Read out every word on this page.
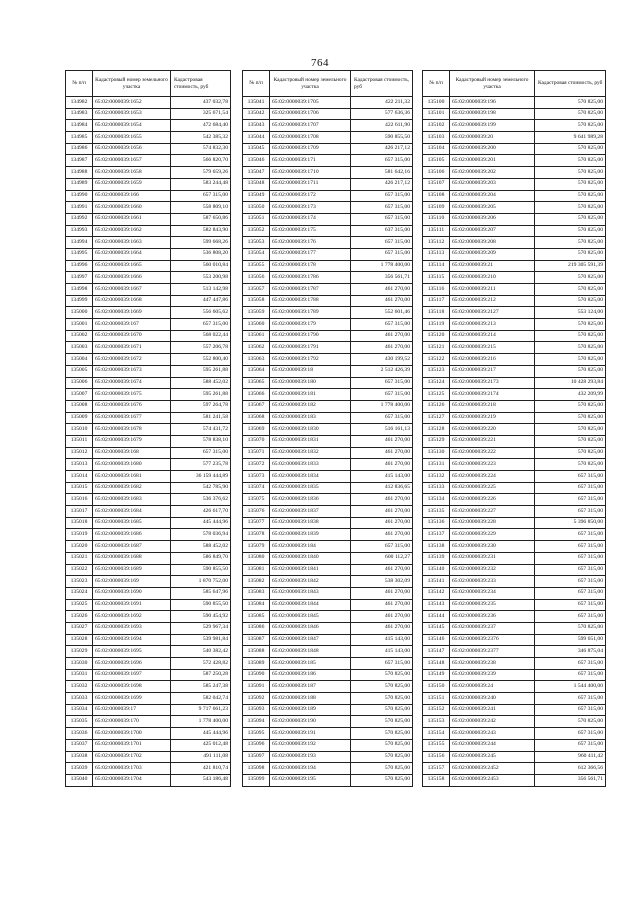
764
№ п/п	Кадастровый номер земельного участка	Кадастровая стоимость, руб
134982	65:02:0000039:1652	437 032,78
134983	65:02:0000039:1653	325 671,54
134984	65:02:0000039:1654	472 684,40
134985	65:02:0000039:1655	542 385,32
134986	65:02:0000039:1656	574 832,30
134987	65:02:0000039:1657	566 820,70
134988	65:02:0000039:1658	579 659,26
134989	65:02:0000039:1659	583 244,48
134990	65:02:0000039:166	657 315,00
134991	65:02:0000039:1660	558 809,10
134992	65:02:0000039:1661	587 650,86
134993	65:02:0000039:1662	582 843,90
134994	65:02:0000039:1663	599 668,26
134995	65:02:0000039:1664	536 808,20
134996	65:02:0000039:1665	560 010,84
134997	65:02:0000039:1666	553 200,98
134998	65:02:0000039:1667	513 142,98
134999	65:02:0000039:1668	447 447,86
135000	65:02:0000039:1669	556 605,62
135001	65:02:0000039:167	657 315,00
135002	65:02:0000039:1670	568 022,44
135003	65:02:0000039:1671	557 206,78
135004	65:02:0000039:1672	552 800,40
135005	65:02:0000039:1673	595 261,88
135006	65:02:0000039:1674	588 452,02
135007	65:02:0000039:1675	595 261,88
135008	65:02:0000039:1676	597 264,78
135009	65:02:0000039:1677	581 241,58
135010	65:02:0000039:1678	574 431,72
135011	65:02:0000039:1679	578 838,10
135012	65:02:0000039:168	657 315,00
135013	65:02:0000039:1680	577 235,78
135014	65:02:0000039:1681	36 159 444,89
135015	65:02:0000039:1682	542 785,90
135016	65:02:0000039:1683	536 376,62
135017	65:02:0000039:1684	426 617,70
135018	65:02:0000039:1685	445 444,96
135019	65:02:0000039:1686	578 036,94
135020	65:02:0000039:1687	588 452,02
135021	65:02:0000039:1688	586 849,70
135022	65:02:0000039:1689	590 855,50
135023	65:02:0000039:169	1 870 752,00
135024	65:02:0000039:1690	585 647,96
135025	65:02:0000039:1691	590 855,50
135026	65:02:0000039:1692	590 454,92
135027	65:02:0000039:1693	529 967,34
135028	65:02:0000039:1694	539 981,84
135029	65:02:0000039:1695	540 382,42
135030	65:02:0000039:1696	572 428,82
135031	65:02:0000039:1697	587 250,28
135032	65:02:0000039:1698	585 247,38
135033	65:02:0000039:1699	582 042,74
135034	65:02:0000039:17	9 717 661,23
135035	65:02:0000039:170	1 778 400,00
135036	65:02:0000039:1700	445 444,96
135037	65:02:0000039:1701	425 012,48
135038	65:02:0000039:1702	491 111,08
135039	65:02:0000039:1703	421 810,74
135040	65:02:0000039:1704	543 186,48
№ п/п	Кадастровый номер земельного участка	Кадастровая стоимость, руб
135041	65:02:0000039:1705	422 211,32
135042	65:02:0000039:1706	577 636,36
135043	65:02:0000039:1707	422 611,90
135044	65:02:0000039:1708	590 855,50
135045	65:02:0000039:1709	426 217,12
135046	65:02:0000039:171	657 315,00
135047	65:02:0000039:1710	581 642,16
135048	65:02:0000039:1711	426 217,12
135049	65:02:0000039:172	657 315,00
135050	65:02:0000039:173	657 315,00
135051	65:02:0000039:174	657 315,00
135052	65:02:0000039:175	637 315,00
135053	65:02:0000039:176	657 315,00
135054	65:02:0000039:177	657 315,00
135055	65:02:0000039:178	1 778 400,00
135056	65:02:0000039:1786	356 561,71
135057	65:02:0000039:1787	461 270,00
135058	65:02:0000039:1788	461 270,00
135059	65:02:0000039:1789	552 601,46
135060	65:02:0000039:179	657 315,00
135061	65:02:0000039:1790	461 270,00
135062	65:02:0000039:1791	461 270,00
135063	65:02:0000039:1792	430 199,52
135064	65:02:0000039:18	2 512 426,39
135065	65:02:0000039:180	657 315,00
135066	65:02:0000039:181	657 315,00
135067	65:02:0000039:182	1 778 400,00
135068	65:02:0000039:183	657 315,00
135069	65:02:0000039:1830	516 161,13
135070	65:02:0000039:1831	461 270,00
135071	65:02:0000039:1832	461 270,00
135072	65:02:0000039:1833	461 270,00
135073	65:02:0000039:1834	415 143,00
135074	65:02:0000039:1835	412 836,65
135075	65:02:0000039:1836	461 270,00
135076	65:02:0000039:1837	461 270,00
135077	65:02:0000039:1838	461 270,00
135078	65:02:0000039:1839	461 270,00
135079	65:02:0000039:184	657 315,00
135080	65:02:0000039:1840	600 112,27
135081	65:02:0000039:1841	461 270,00
135082	65:02:0000039:1842	538 302,09
135083	65:02:0000039:1843	461 270,00
135084	65:02:0000039:1844	461 270,00
135085	65:02:0000039:1845	461 270,00
135086	65:02:0000039:1846	461 270,00
135087	65:02:0000039:1847	415 143,00
135088	65:02:0000039:1848	415 143,00
135089	65:02:0000039:185	657 315,00
135090	65:02:0000039:186	570 825,00
135091	65:02:0000039:187	570 825,00
135092	65:02:0000039:188	570 825,00
135093	65:02:0000039:189	570 825,00
135094	65:02:0000039:190	570 825,00
135095	65:02:0000039:191	570 825,00
135096	65:02:0000039:192	570 825,00
135097	65:02:0000039:193	570 825,00
135098	65:02:0000039:194	570 825,00
135099	65:02:0000039:195	570 825,00
№ п/п	Кадастровый номер земельного участка	Кадастровая стоимость, руб
135100	65:02:0000039:196	570 825,00
135101	65:02:0000039:198	570 825,00
135102	65:02:0000039:199	570 825,00
135103	65:02:0000039:20	9 641 989,28
135104	65:02:0000039:200	570 825,00
135105	65:02:0000039:201	570 825,00
135106	65:02:0000039:202	570 825,00
135107	65:02:0000039:203	570 825,00
135108	65:02:0000039:204	570 825,00
135109	65:02:0000039:205	570 825,00
135110	65:02:0000039:206	570 825,00
135111	65:02:0000039:207	570 825,00
135112	65:02:0000039:208	570 825,00
135113	65:02:0000039:209	570 825,00
135114	65:02:0000039:21	219 305 591,39
135115	65:02:0000039:210	570 825,00
135116	65:02:0000039:211	570 825,00
135117	65:02:0000039:212	570 825,00
135118	65:02:0000039:2127	553 124,00
135119	65:02:0000039:213	570 825,00
135120	65:02:0000039:214	570 825,00
135121	65:02:0000039:215	570 825,00
135122	65:02:0000039:216	570 825,00
135123	65:02:0000039:217	570 825,00
135124	65:02:0000039:2173	10 428 293,84
135125	65:02:0000039:2174	432 209,99
135126	65:02:0000039:218	570 825,00
135127	65:02:0000039:219	570 825,00
135128	65:02:0000039:220	570 825,00
135129	65:02:0000039:221	570 825,00
135130	65:02:0000039:222	570 825,00
135131	65:02:0000039:223	570 825,00
135132	65:02:0000039:224	657 315,00
135133	65:02:0000039:225	657 315,00
135134	65:02:0000039:226	657 315,00
135135	65:02:0000039:227	657 315,00
135136	65:02:0000039:228	5 396 850,00
135137	65:02:0000039:229	657 315,00
135138	65:02:0000039:230	657 315,00
135139	65:02:0000039:231	657 315,00
135140	65:02:0000039:232	657 315,00
135141	65:02:0000039:233	657 315,00
135142	65:02:0000039:234	657 315,00
135143	65:02:0000039:235	657 315,00
135144	65:02:0000039:236	657 315,00
135145	65:02:0000039:237	570 825,00
135146	65:02:0000039:2376	599 651,00
135147	65:02:0000039:2377	346 875,04
135148	65:02:0000039:238	657 315,00
135149	65:02:0000039:239	657 315,00
135150	65:02:0000039:24	1 544 400,00
135151	65:02:0000039:240	657 315,00
135152	65:02:0000039:241	657 315,00
135153	65:02:0000039:242	570 825,00
135154	65:02:0000039:243	657 315,00
135155	65:02:0000039:244	657 315,00
135156	65:02:0000039:245	960 411,42
135157	65:02:0000039:2452	612 366,56
135158	65:02:0000039:2453	356 561,71
